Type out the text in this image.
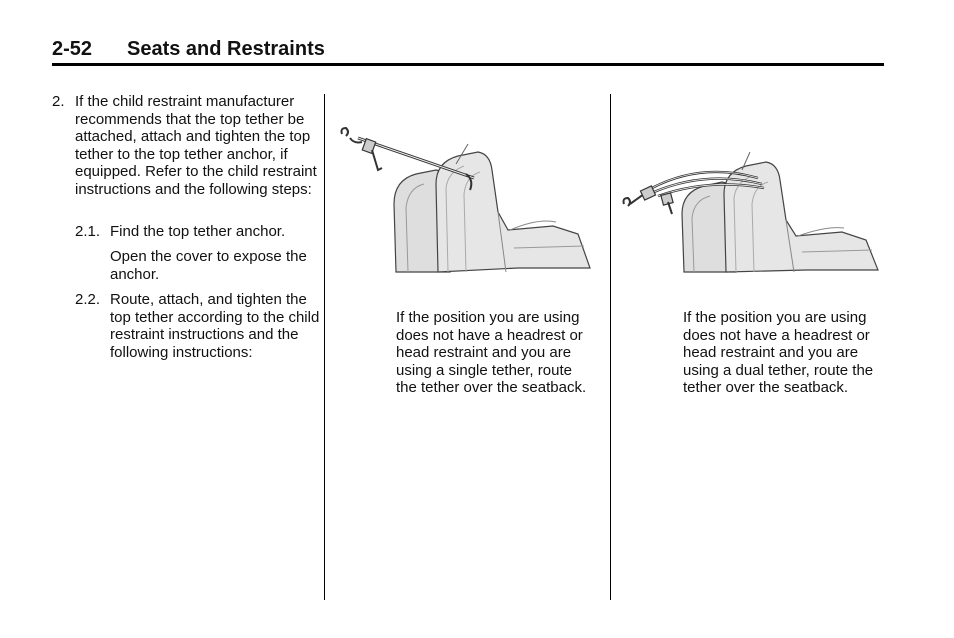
2-52 Seats and Restraints
2. If the child restraint manufacturer recommends that the top tether be attached, attach and tighten the top tether to the top tether anchor, if equipped. Refer to the child restraint instructions and the following steps:
2.1. Find the top tether anchor.
Open the cover to expose the anchor.
2.2. Route, attach, and tighten the top tether according to the child restraint instructions and the following instructions:
If the position you are using does not have a headrest or head restraint and you are using a single tether, route the tether over the seatback.
If the position you are using does not have a headrest or head restraint and you are using a dual tether, route the tether over the seatback.
